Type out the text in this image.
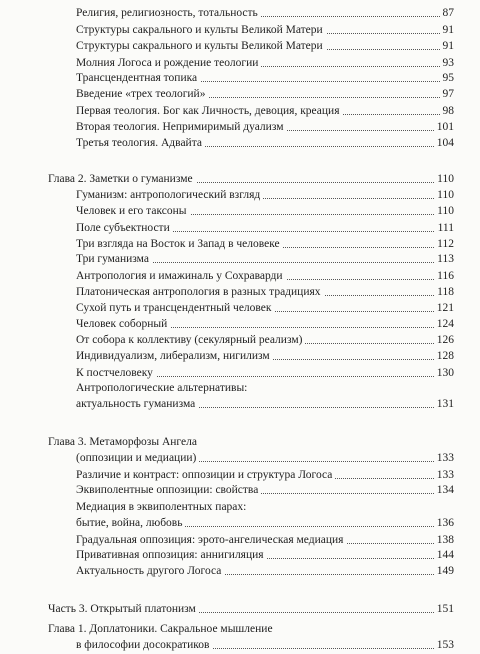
Религия, религиозность, тотальность	87
Структуры сакрального и культы Великой Матери	91
Структуры сакрального и культы Великой Матери	91
Молния Логоса и рождение теологии	93
Трансцендентная топика	95
Введение «трех теологий»	97
Первая теология. Бог как Личность, девоция, креация	98
Вторая теология. Непримиримый дуализм	101
Третья теология. Адвайта	104
Глава 2. Заметки о гуманизме	110
Гуманизм: антропологический взгляд	110
Человек и его таксоны	110
Поле субъектности	111
Три взгляда на Восток и Запад в человеке	112
Три гуманизма	113
Антропология и имажиналь у Сохраварди	116
Платоническая антропология в разных традициях	118
Сухой путь и трансцендентный человек	121
Человек соборный	124
От собора к коллективу (секулярный реализм)	126
Индивидуализм, либерализм, нигилизм	128
К постчеловеку	130
Антропологические альтернативы:
актуальность гуманизма	131
Глава 3. Метаморфозы Ангела
(оппозиции и медиации)	133
Различие и контраст: оппозиции и структура Логоса	133
Эквиполентные оппозиции: свойства	134
Медиация в эквиполентных парах:
бытие, война, любовь	136
Градуальная оппозиция: эрото-ангелическая медиация	138
Привативная оппозиция: аннигиляция	144
Актуальность другого Логоса	149
Часть 3. Открытый платонизм	151
Глава 1. Доплатоники. Сакральное мышление
в философии досократиков	153
